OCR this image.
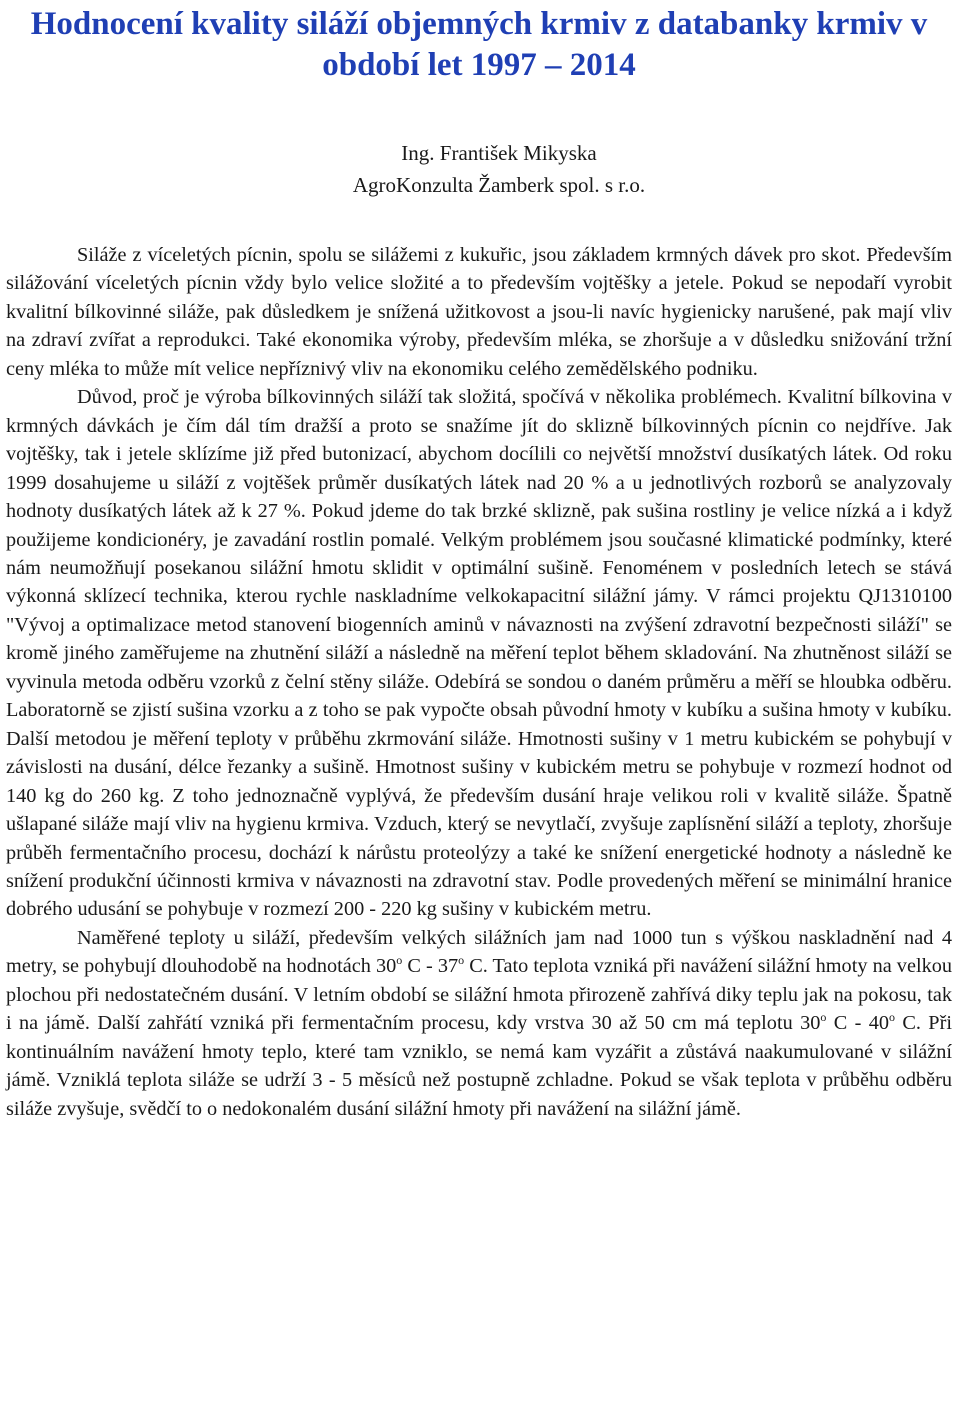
Hodnocení kvality siláží objemných krmiv z databanky krmiv v období let 1997 – 2014
Ing. František Mikyska
AgroKonzulta Žamberk spol. s r.o.

Siláže z víceletých pícnin, spolu se silážemi z kukuřic, jsou základem krmných dávek pro skot. Především silážování víceletých pícnin vždy bylo velice složité a to především vojtěšky a jetele. Pokud se nepodaří vyrobit kvalitní bílkovinné siláže, pak důsledkem je snížená užitkovost a jsou-li navíc hygienicky narušené, pak mají vliv na zdraví zvířat a reprodukci. Také ekonomika výroby, především mléka, se zhoršuje a v důsledku snižování tržní ceny mléka to může mít velice nepříznivý vliv na ekonomiku celého zemědělského podniku.

Důvod, proč je výroba bílkovinných siláží tak složitá, spočívá v několika problémech. Kvalitní bílkovina v krmných dávkách je čím dál tím dražší a proto se snažíme jít do sklizně bílkovinných pícnin co nejdříve. Jak vojtěšky, tak i jetele sklízíme již před butonizací, abychom docílili co největší množství dusíkatých látek. Od roku 1999 dosahujeme u siláží z vojtěšek průměr dusíkatých látek nad 20 % a u jednotlivých rozborů se analyzovaly hodnoty dusíkatých látek až k 27 %. Pokud jdeme do tak brzké sklizně, pak sušina rostliny je velice nízká a i když použijeme kondicionéry, je zavadání rostlin pomalé. Velkým problémem jsou současné klimatické podmínky, které nám neumožňují posekanou silážní hmotu sklidit v optimální sušině. Fenoménem v posledních letech se stává výkonná sklízecí technika, kterou rychle naskladníme velkokapacitní silážní jámy. V rámci projektu QJ1310100 "Vývoj a optimalizace metod stanovení biogenních aminů v návaznosti na zvýšení zdravotní bezpečnosti siláží" se kromě jiného zaměřujeme na zhutnění siláží a následně na měření teplot během skladování. Na zhutněnost siláží se vyvinula metoda odběru vzorků z čelní stěny siláže. Odebírá se sondou o daném průměru a měří se hloubka odběru. Laboratorně se zjistí sušina vzorku a z toho se pak vypočte obsah původní hmoty v kubíku a sušina hmoty v kubíku. Další metodou je měření teploty v průběhu zkrmování siláže. Hmotnosti sušiny v 1 metru kubickém se pohybují v závislosti na dusání, délce řezanky a sušině. Hmotnost sušiny v kubickém metru se pohybuje v rozmezí hodnot od 140 kg do 260 kg. Z toho jednoznačně vyplývá, že především dusání hraje velikou roli v kvalitě siláže. Špatně ušlapané siláže mají vliv na hygienu krmiva. Vzduch, který se nevytlačí, zvyšuje zaplísnění siláží a teploty, zhoršuje průběh fermentačního procesu, dochází k nárůstu proteolýzy a také ke snížení energetické hodnoty a následně ke snížení produkční účinnosti krmiva v návaznosti na zdravotní stav. Podle provedených měření se minimální hranice dobrého udusání se pohybuje v rozmezí 200 - 220 kg sušiny v kubickém metru.

Naměřené teploty u siláží, především velkých silážních jam nad 1000 tun s výškou naskladnění nad 4 metry, se pohybují dlouhodobě na hodnotách 30$^o$ C - 37$^o$ C. Tato teplota vzniká při navážení silážní hmoty na velkou plochou při nedostatečném dusání. V letním období se silážní hmota přirozeně zahřívá diky teplu jak na pokosu, tak i na jámě. Další zahřátí vzniká při fermentačním procesu, kdy vrstva 30 až 50 cm má teplotu 30$^o$ C - 40$^o$ C. Při kontinuálním navážení hmoty teplo, které tam vzniklo, se nemá kam vyzářit a zůstává naakumulované v silážní jámě. Vzniklá teplota siláže se udrží 3 - 5 měsíců než postupně zchladne. Pokud se však teplota v průběhu odběru siláže zvyšuje, svědčí to o nedokonalém dusání silážní hmoty při navážení na silážní jámě.
